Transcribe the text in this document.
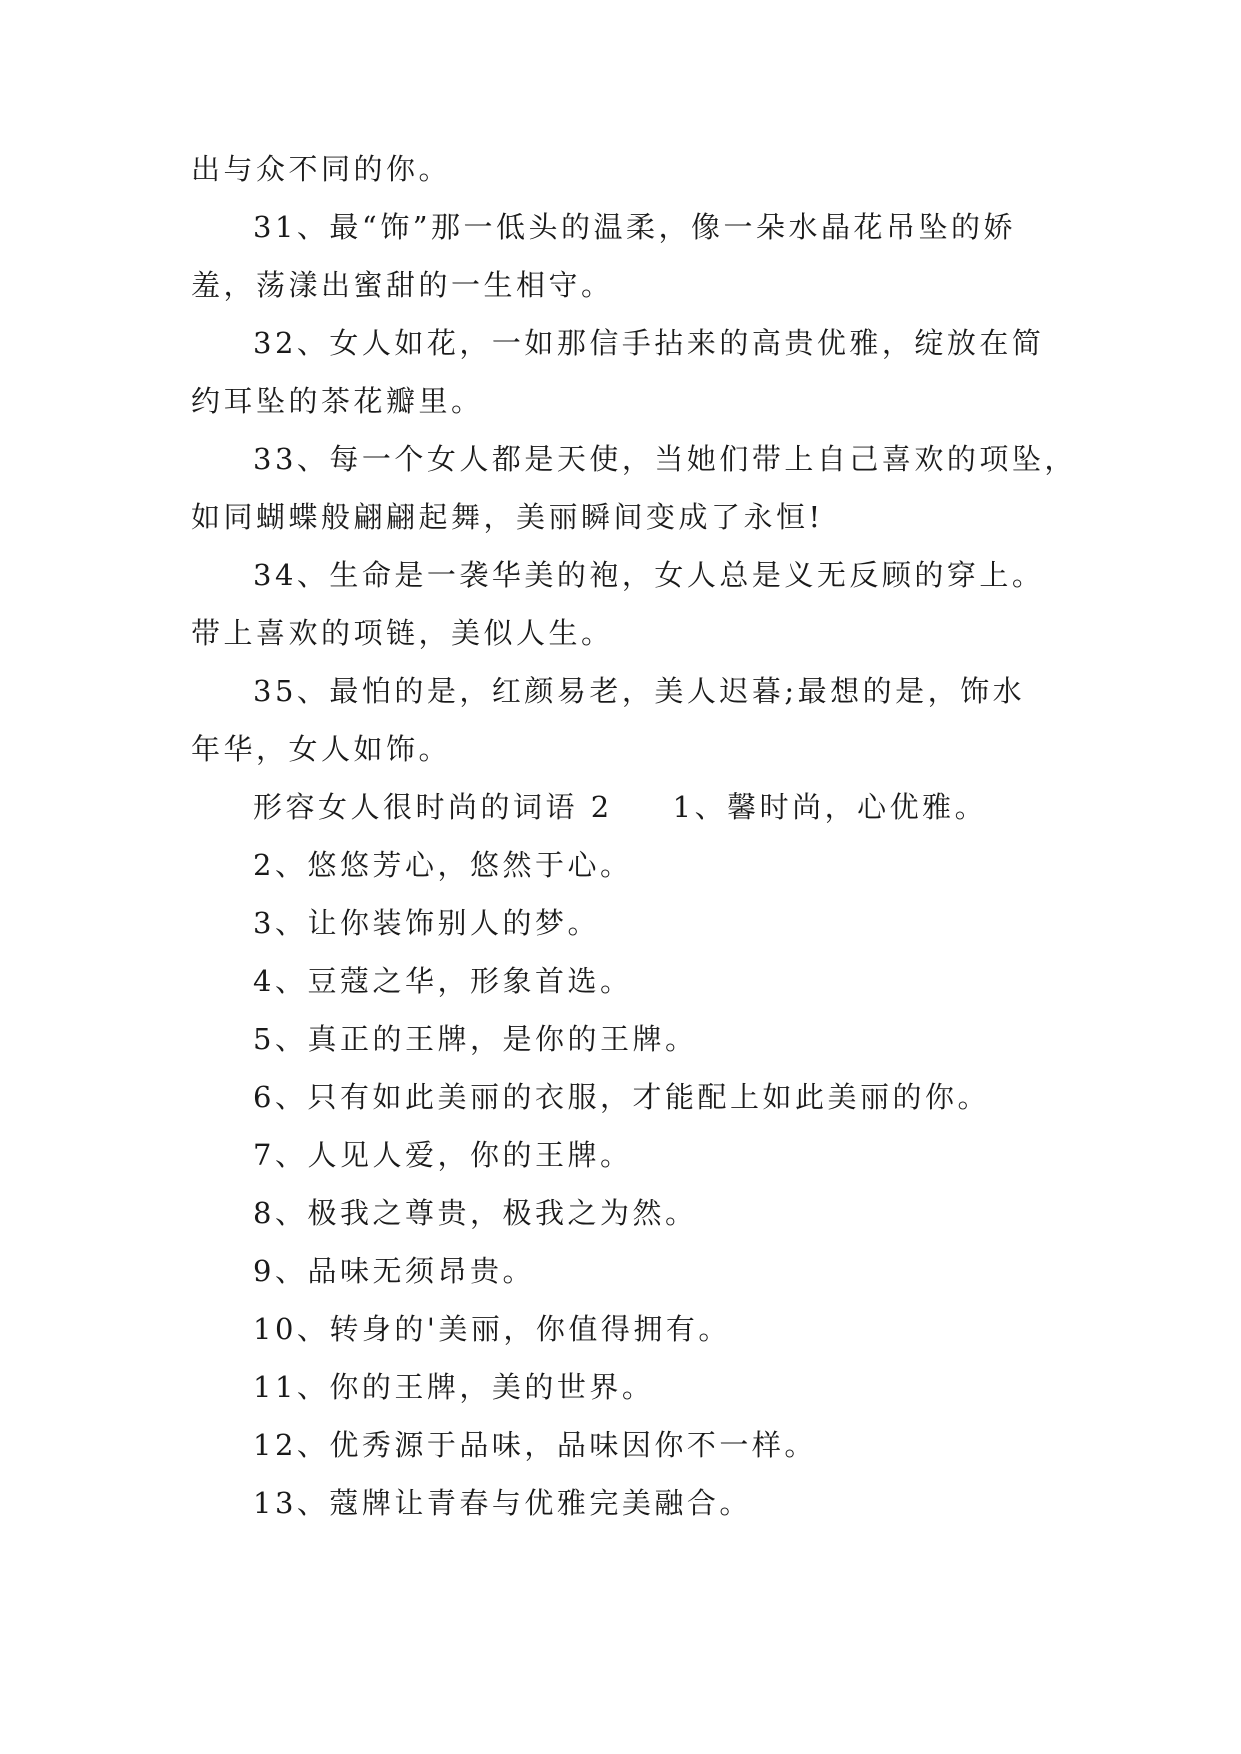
出与众不同的你。
31、最“饰”那一低头的温柔，像一朵水晶花吊坠的娇
羞，荡漾出蜜甜的一生相守。
32、女人如花，一如那信手拈来的高贵优雅，绽放在简
约耳坠的茶花瓣里。
33、每一个女人都是天使，当她们带上自己喜欢的项坠，
如同蝴蝶般翩翩起舞，美丽瞬间变成了永恒!
34、生命是一袭华美的袍，女人总是义无反顾的穿上。
带上喜欢的项链，美似人生。
35、最怕的是，红颜易老，美人迟暮;最想的是，饰水
年华，女人如饰。
形容女人很时尚的词语 2 1、馨时尚，心优雅。
2、悠悠芳心，悠然于心。
3、让你装饰别人的梦。
4、豆蔻之华，形象首选。
5、真正的王牌，是你的王牌。
6、只有如此美丽的衣服，才能配上如此美丽的你。
7、人见人爱，你的王牌。
8、极我之尊贵，极我之为然。
9、品味无须昂贵。
10、转身的'美丽，你值得拥有。
11、你的王牌，美的世界。
12、优秀源于品味，品味因你不一样。
13、蔻牌让青春与优雅完美融合。
